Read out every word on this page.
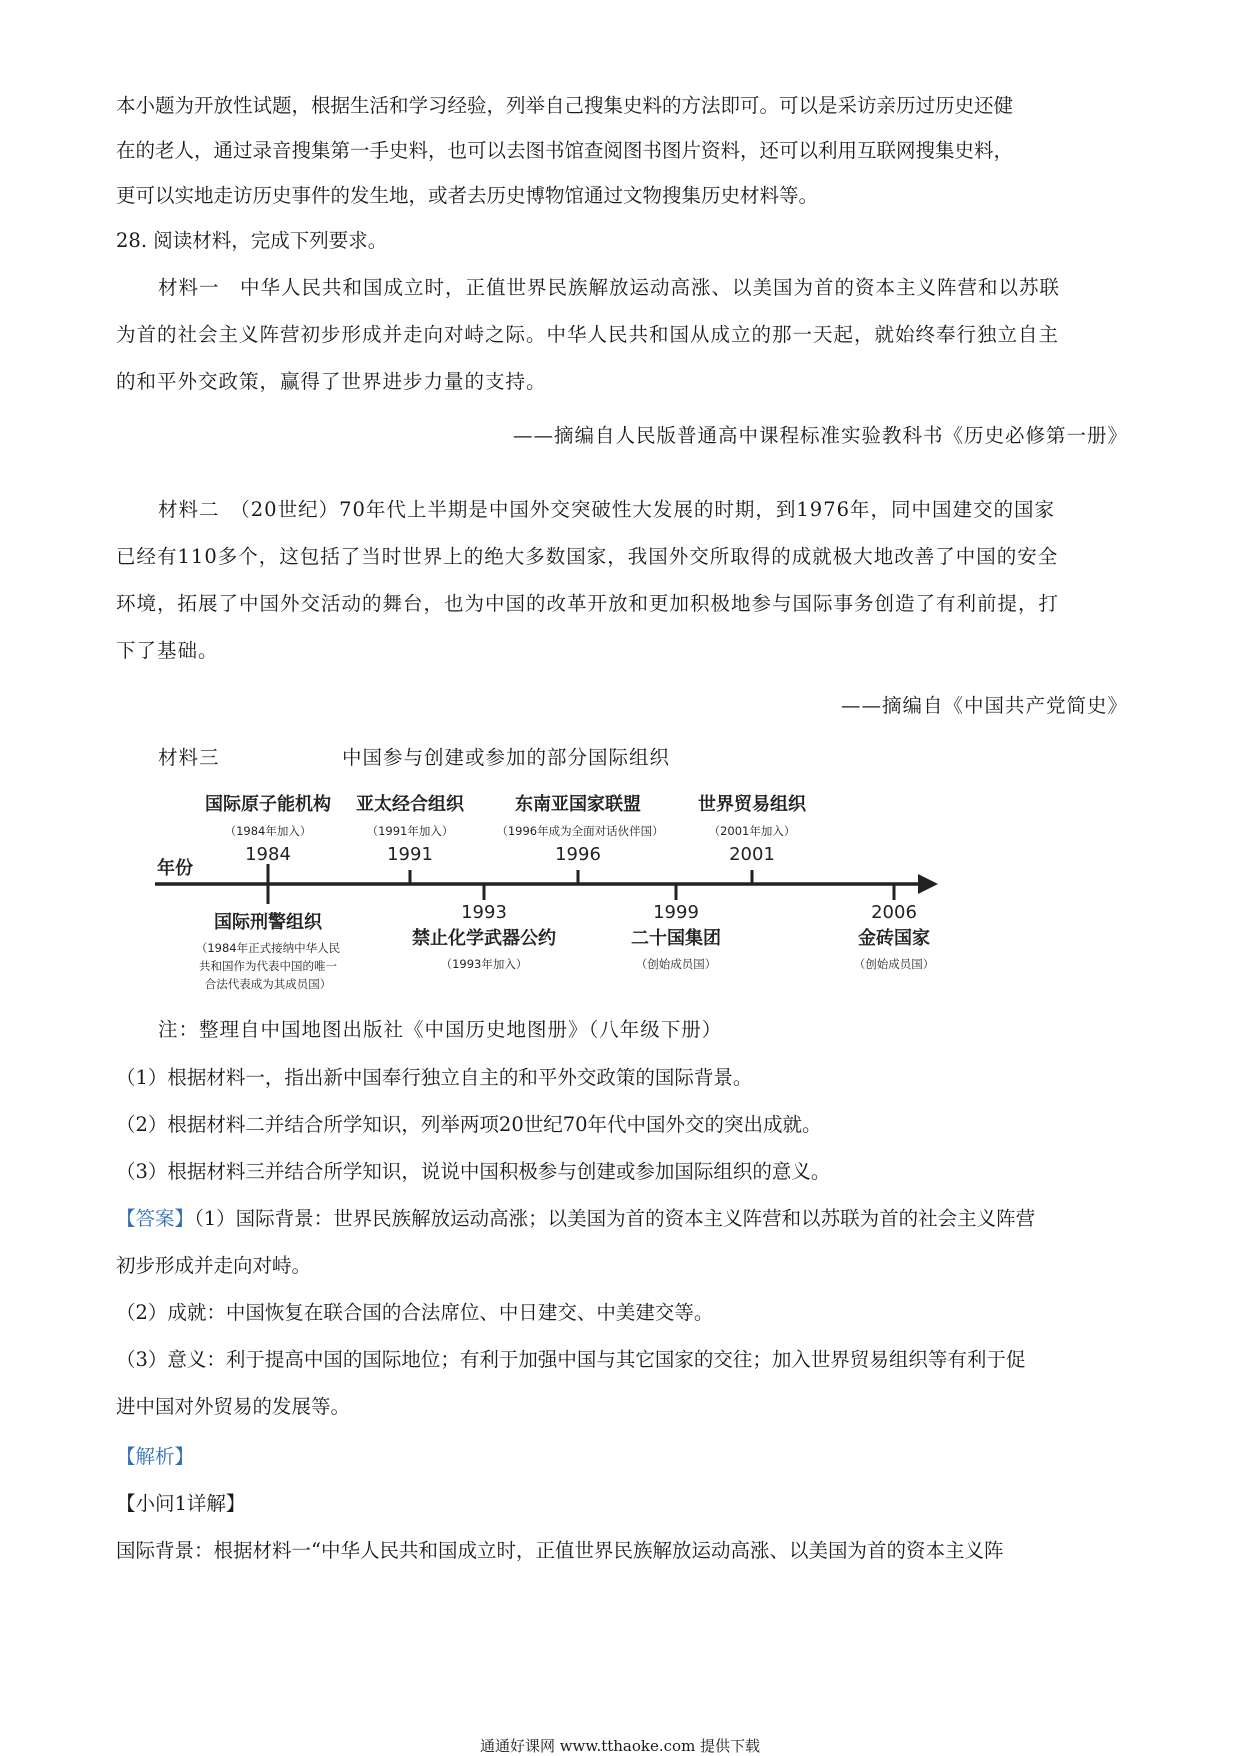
本小题为开放性试题，根据生活和学习经验，列举自己搜集史料的方法即可。可以是采访亲历过历史还健

在的老人，通过录音搜集第一手史料，也可以去图书馆查阅图书图片资料，还可以利用互联网搜集史料，

更可以实地走访历史事件的发生地，或者去历史博物馆通过文物搜集历史材料等。

28. 阅读材料，完成下列要求。

材料一　中华人民共和国成立时，正值世界民族解放运动高涨、以美国为首的资本主义阵营和以苏联

为首的社会主义阵营初步形成并走向对峙之际。中华人民共和国从成立的那一天起，就始终奉行独立自主

的和平外交政策，赢得了世界进步力量的支持。

——摘编自人民版普通高中课程标准实验教科书《历史必修第一册》

材料二　（20世纪）70年代上半期是中国外交突破性大发展的时期，到1976年，同中国建交的国家

已经有110多个，这包括了当时世界上的绝大多数国家，我国外交所取得的成就极大地改善了中国的安全

环境，拓展了中国外交活动的舞台，也为中国的改革开放和更加积极地参与国际事务创造了有利前提，打

下了基础。

——摘编自《中国共产党简史》
材料三	中国参与创建或参加的部分国际组织
国际原子能机构
（1984年加入）
1984
亚太经合组织
（1991年加入）
1991
东南亚国家联盟
（1996年成为全面对话伙伴国）
1996
世界贸易组织
（2001年加入）
2001
年份
国际刑警组织
（1984年正式接纳中华人民
共和国作为代表中国的唯一
合法代表成为其成员国）
1993
禁止化学武器公约
（1993年加入）
1999
二十国集团
（创始成员国）
2006
金砖国家
（创始成员国）
注：整理自中国地图出版社《中国历史地图册》（八年级下册）

（1）根据材料一，指出新中国奉行独立自主的和平外交政策的国际背景。

（2）根据材料二并结合所学知识，列举两项20世纪70年代中国外交的突出成就。

（3）根据材料三并结合所学知识，说说中国积极参与创建或参加国际组织的意义。

【答案】（1）国际背景：世界民族解放运动高涨；以美国为首的资本主义阵营和以苏联为首的社会主义阵营

初步形成并走向对峙。

（2）成就：中国恢复在联合国的合法席位、中日建交、中美建交等。

（3）意义：利于提高中国的国际地位；有利于加强中国与其它国家的交往；加入世界贸易组织等有利于促

进中国对外贸易的发展等。

【解析】

【小问1详解】

国际背景：根据材料一“中华人民共和国成立时，正值世界民族解放运动高涨、以美国为首的资本主义阵

通通好课网 www.tthaoke.com 提供下载
